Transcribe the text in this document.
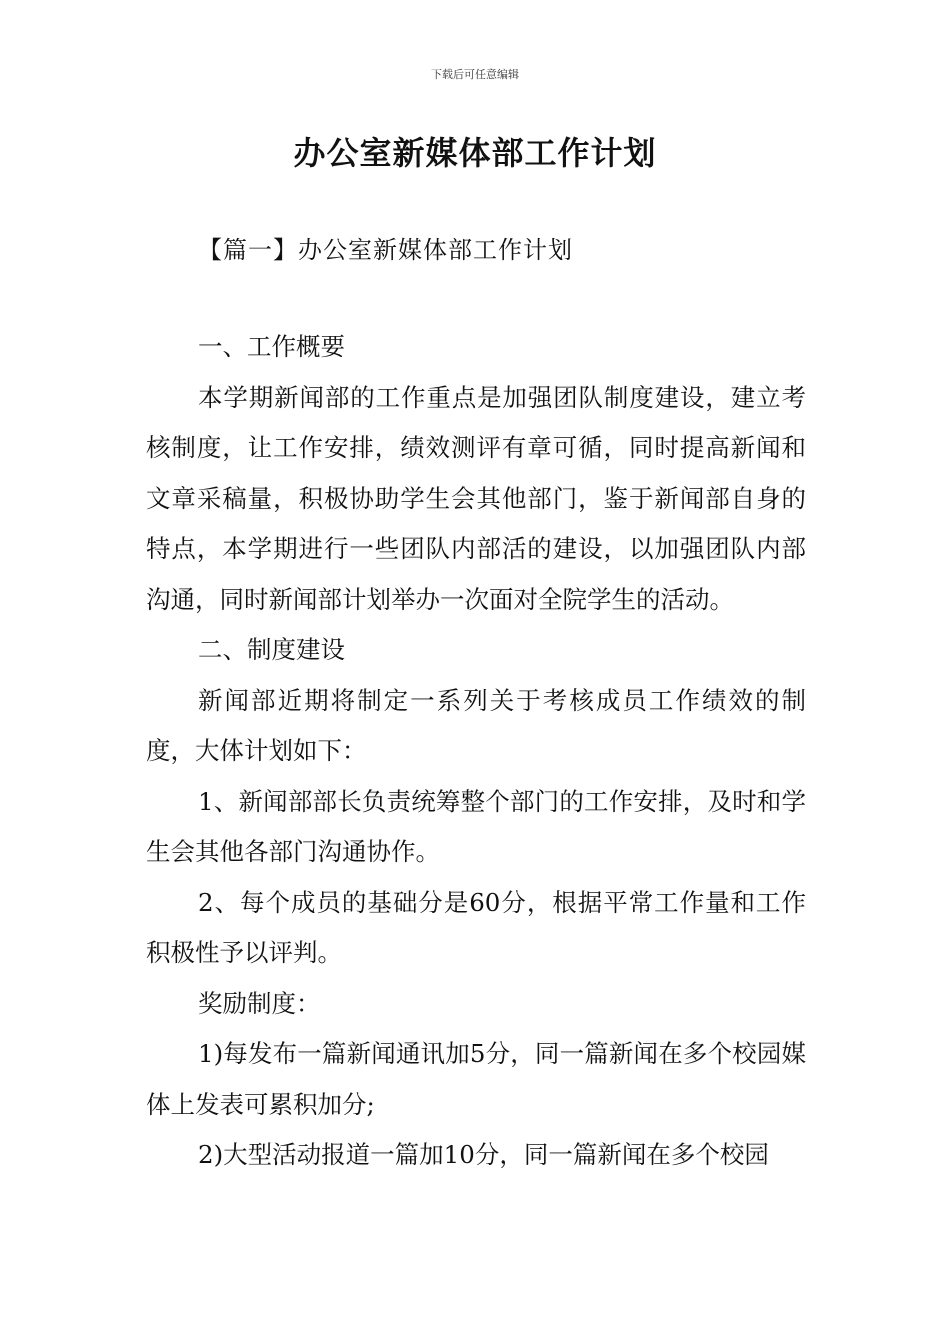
下载后可任意编辑
办公室新媒体部工作计划
【篇一】办公室新媒体部工作计划

一、工作概要

本学期新闻部的工作重点是加强团队制度建设，建立考核制度，让工作安排，绩效测评有章可循，同时提高新闻和文章采稿量，积极协助学生会其他部门，鉴于新闻部自身的特点，本学期进行一些团队内部活的建设，以加强团队内部沟通，同时新闻部计划举办一次面对全院学生的活动。

二、制度建设

新闻部近期将制定一系列关于考核成员工作绩效的制度，大体计划如下：

1、新闻部部长负责统筹整个部门的工作安排，及时和学生会其他各部门沟通协作。

2、每个成员的基础分是60分，根据平常工作量和工作积极性予以评判。

奖励制度：

1)每发布一篇新闻通讯加5分，同一篇新闻在多个校园媒体上发表可累积加分;

2)大型活动报道一篇加10分，同一篇新闻在多个校园
